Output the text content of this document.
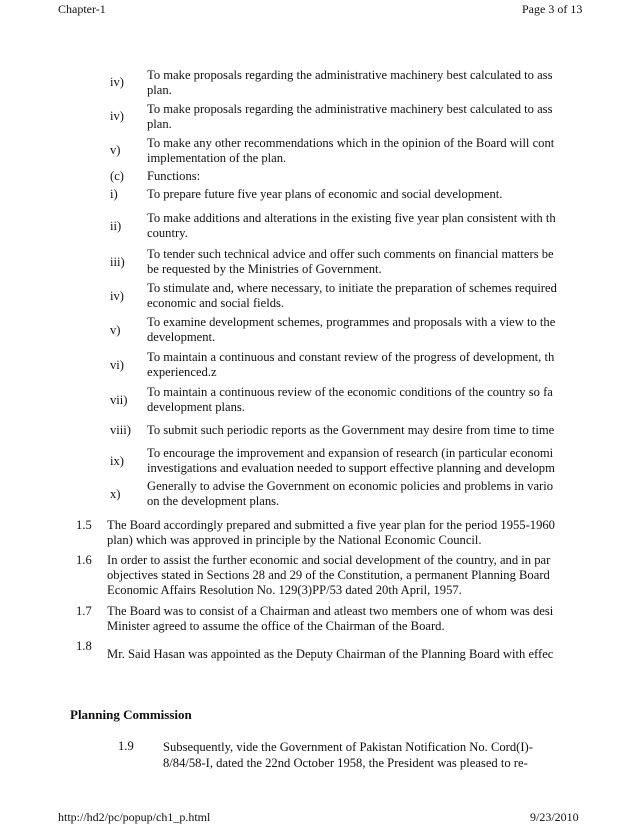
Chapter-1	Page 3 of 13
iv) To make proposals regarding the administrative machinery best calculated to ass
plan.
iv) To make proposals regarding the administrative machinery best calculated to ass
plan.
v) To make any other recommendations which in the opinion of the Board will cont
implementation of the plan.
(c) Functions:
i) To prepare future five year plans of economic and social development.
ii)
To make additions and alterations in the existing five year plan consistent with th
country.
iii)
To tender such technical advice and offer such comments on financial matters be
be requested by the Ministries of Government.
iv)
To stimulate and, where necessary, to initiate the preparation of schemes required
economic and social fields.
v)
To examine development schemes, programmes and proposals with a view to the
development.
vi)
To maintain a continuous and constant review of the progress of development, th
experienced.z
vii)
To maintain a continuous review of the economic conditions of the country so fa
development plans.
viii) To submit such periodic reports as the Government may desire from time to time
ix)
To encourage the improvement and expansion of research (in particular economi
investigations and evaluation needed to support effective planning and developm
x)
Generally to advise the Government on economic policies and problems in vario
on the development plans.
1.5 The Board accordingly prepared and submitted a five year plan for the period 1955-1960
plan) which was approved in principle by the National Economic Council.
1.6 In order to assist the further economic and social development of the country, and in par
objectives stated in Sections 28 and 29 of the Constitution, a permanent Planning Board
Economic Affairs Resolution No. 129(3)PP/53 dated 20th April, 1957.
1.7 The Board was to consist of a Chairman and atleast two members one of whom was desi
Minister agreed to assume the office of the Chairman of the Board.
1.8
Mr. Said Hasan was appointed as the Deputy Chairman of the Planning Board with effec
Planning Commission
1.9 Subsequently, vide the Government of Pakistan Notification No. Cord(I)-
8/84/58-I, dated the 22nd October 1958, the President was pleased to re-
http://hd2/pc/popup/ch1_p.html	9/23/2010
